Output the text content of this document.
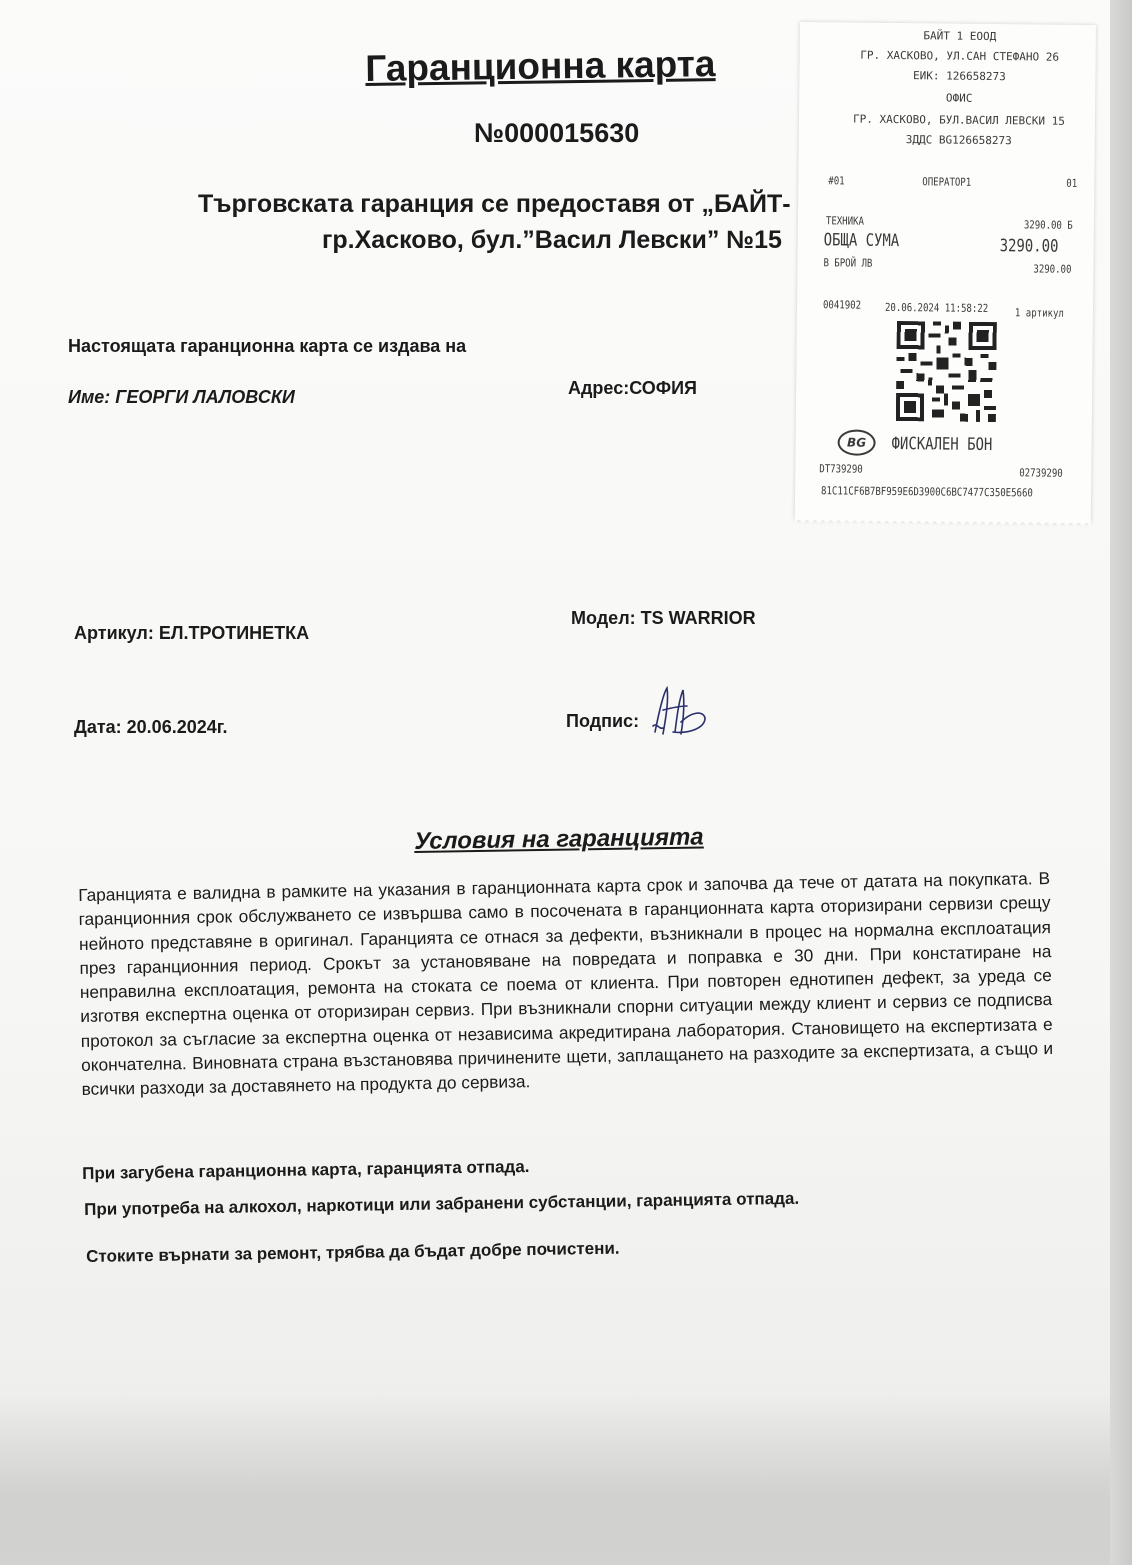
Гаранционна карта

№000015630

Търговската гаранция се предоставя от „БАЙТ-

гр.Хасково, бул.”Васил Левски” №15

Настоящата гаранционна карта се издава на
Име: ГЕОРГИ ЛАЛОВСКИ	Адрес:СОФИЯ
Артикул: ЕЛ.ТРОТИНЕТКА
Модел: TS WARRIOR
Дата: 20.06.2024г.	Подпис:
Условия на гаранцията

Гаранцията е валидна в рамките на указания в гаранционната карта срок и започва да тече от датата на покупката. В гаранционния срок обслужването се извършва само в посочената в гаранционната карта оторизирани сервизи срещу нейното представяне в оригинал. Гаранцията се отнася за дефекти, възникнали в процес на нормална експлоатация през гаранционния период. Срокът за установяване на повредата и поправка е 30 дни. При констатиране на неправилна експлоатация, ремонта на стоката се поема от клиента. При повторен еднотипен дефект, за уреда се изготвя експертна оценка от оторизиран сервиз. При възникнали спорни ситуации между клиент и сервиз се подписва протокол за съгласие за експертна оценка от независима акредитирана лаборатория. Становището на експертизата е окончателна. Виновната страна възстановява причинените щети, заплащането на разходите за експертизата, а също и всички разходи за доставянето на продукта до сервиза.

При загубена гаранционна карта, гаранцията отпада.
При употреба на алкохол, наркотици или забранени субстанции, гаранцията отпада.
Стоките върнати за ремонт, трябва да бъдат добре почистени.
БАЙТ 1 ЕООД
ГР. ХАСКОВО, УЛ.САН СТЕФАНО 26
ЕИК: 126658273
ОФИС
ГР. ХАСКОВО, БУЛ.ВАСИЛ ЛЕВСКИ 15
ЗДДС BG126658273
#01	ОПЕРАТОР1	01
ТЕХНИКА	3290.00 Б
ОБЩА СУМА	3290.00
В БРОЙ ЛВ	3290.00
0041902 20.06.2024 11:58:22 1 артикул
BG	ФИСКАЛЕН БОН
DT739290	02739290
81C11CF6B7BF959E6D3900C6BC7477C350E5660
